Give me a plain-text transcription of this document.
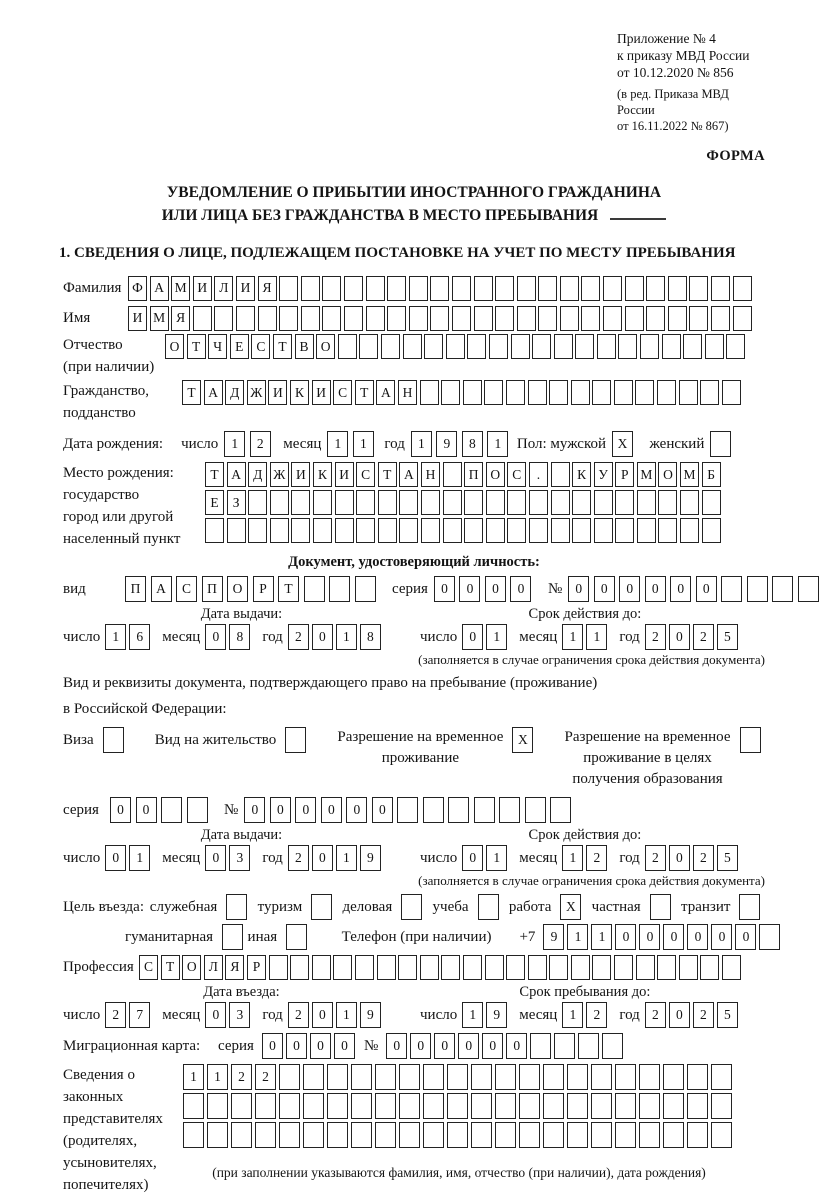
Приложение № 4
к приказу МВД России
от 10.12.2020 № 856
(в ред. Приказа МВД России
от 16.11.2022 № 867)
ФОРМА
УВЕДОМЛЕНИЕ О ПРИБЫТИИ ИНОСТРАННОГО ГРАЖДАНИНА
ИЛИ ЛИЦА БЕЗ ГРАЖДАНСТВА В МЕСТО ПРЕБЫВАНИЯ
1. СВЕДЕНИЯ О ЛИЦЕ, ПОДЛЕЖАЩЕМ ПОСТАНОВКЕ НА УЧЕТ ПО МЕСТУ ПРЕБЫВАНИЯ
Фамилия Ф А М И Л И Я
Имя	И М Я
Отчество
(при наличии)
О Т Ч Е С Т В О
Гражданство,
подданство
Т А Д Ж И К И С Т А Н
Дата рождения: число 1	2	месяц 1	1	год 1	9	8	1	Пол: мужской X	женский
Место рождения:
государство
город или другой
населенный пункт
Т А Д Ж И К И С Т А Н	П О С	.	К У Р М О М Б
Е	З
Документ, удостоверяющий личность:
вид	П	А	С	П	О	Р	Т	серия 0	0	0	0	№ 0	0	0	0	0	0
Дата выдачи:
число 1	6	месяц 0	8	год 2	0	1	8
Срок действия до:
число 0	1	месяц 1	1	год 2	0	2	5
(заполняется в случае ограничения срока действия документа)
Вид и реквизиты документа, подтверждающего право на пребывание (проживание)
в Российской Федерации:
Виза	Вид на жительство	Разрешение на временное
проживание
X	Разрешение на временное
проживание в целях
получения образования
серия	0	0	№ 0	0	0	0	0	0
Дата выдачи:
число 0	1	месяц 0	3	год 2	0	1	9
Срок действия до:
число 0	1	месяц 1	2	год 2	0	2	5
(заполняется в случае ограничения срока действия документа)
Цель въезда: служебная	туризм	деловая	учеба	работа	X	частная	транзит
гуманитарная иная	Телефон (при наличии) +7	9	1	1	0	0	0	0	0	0
Профессия С Т О Л Я Р
Дата въезда:
число 2	7	месяц 0	3	год 2	0	1	9
Срок пребывания до:
число 1	9	месяц 1	2	год 2	0	2	5
Миграционная карта:	серия	0	0	0	0	№	0	0	0	0	0	0
Сведения о
законных
представителях
(родителях,
усыновителях,
попечителях)
1	1	2	2
(при заполнении указываются фамилия, имя, отчество (при наличии), дата рождения)
